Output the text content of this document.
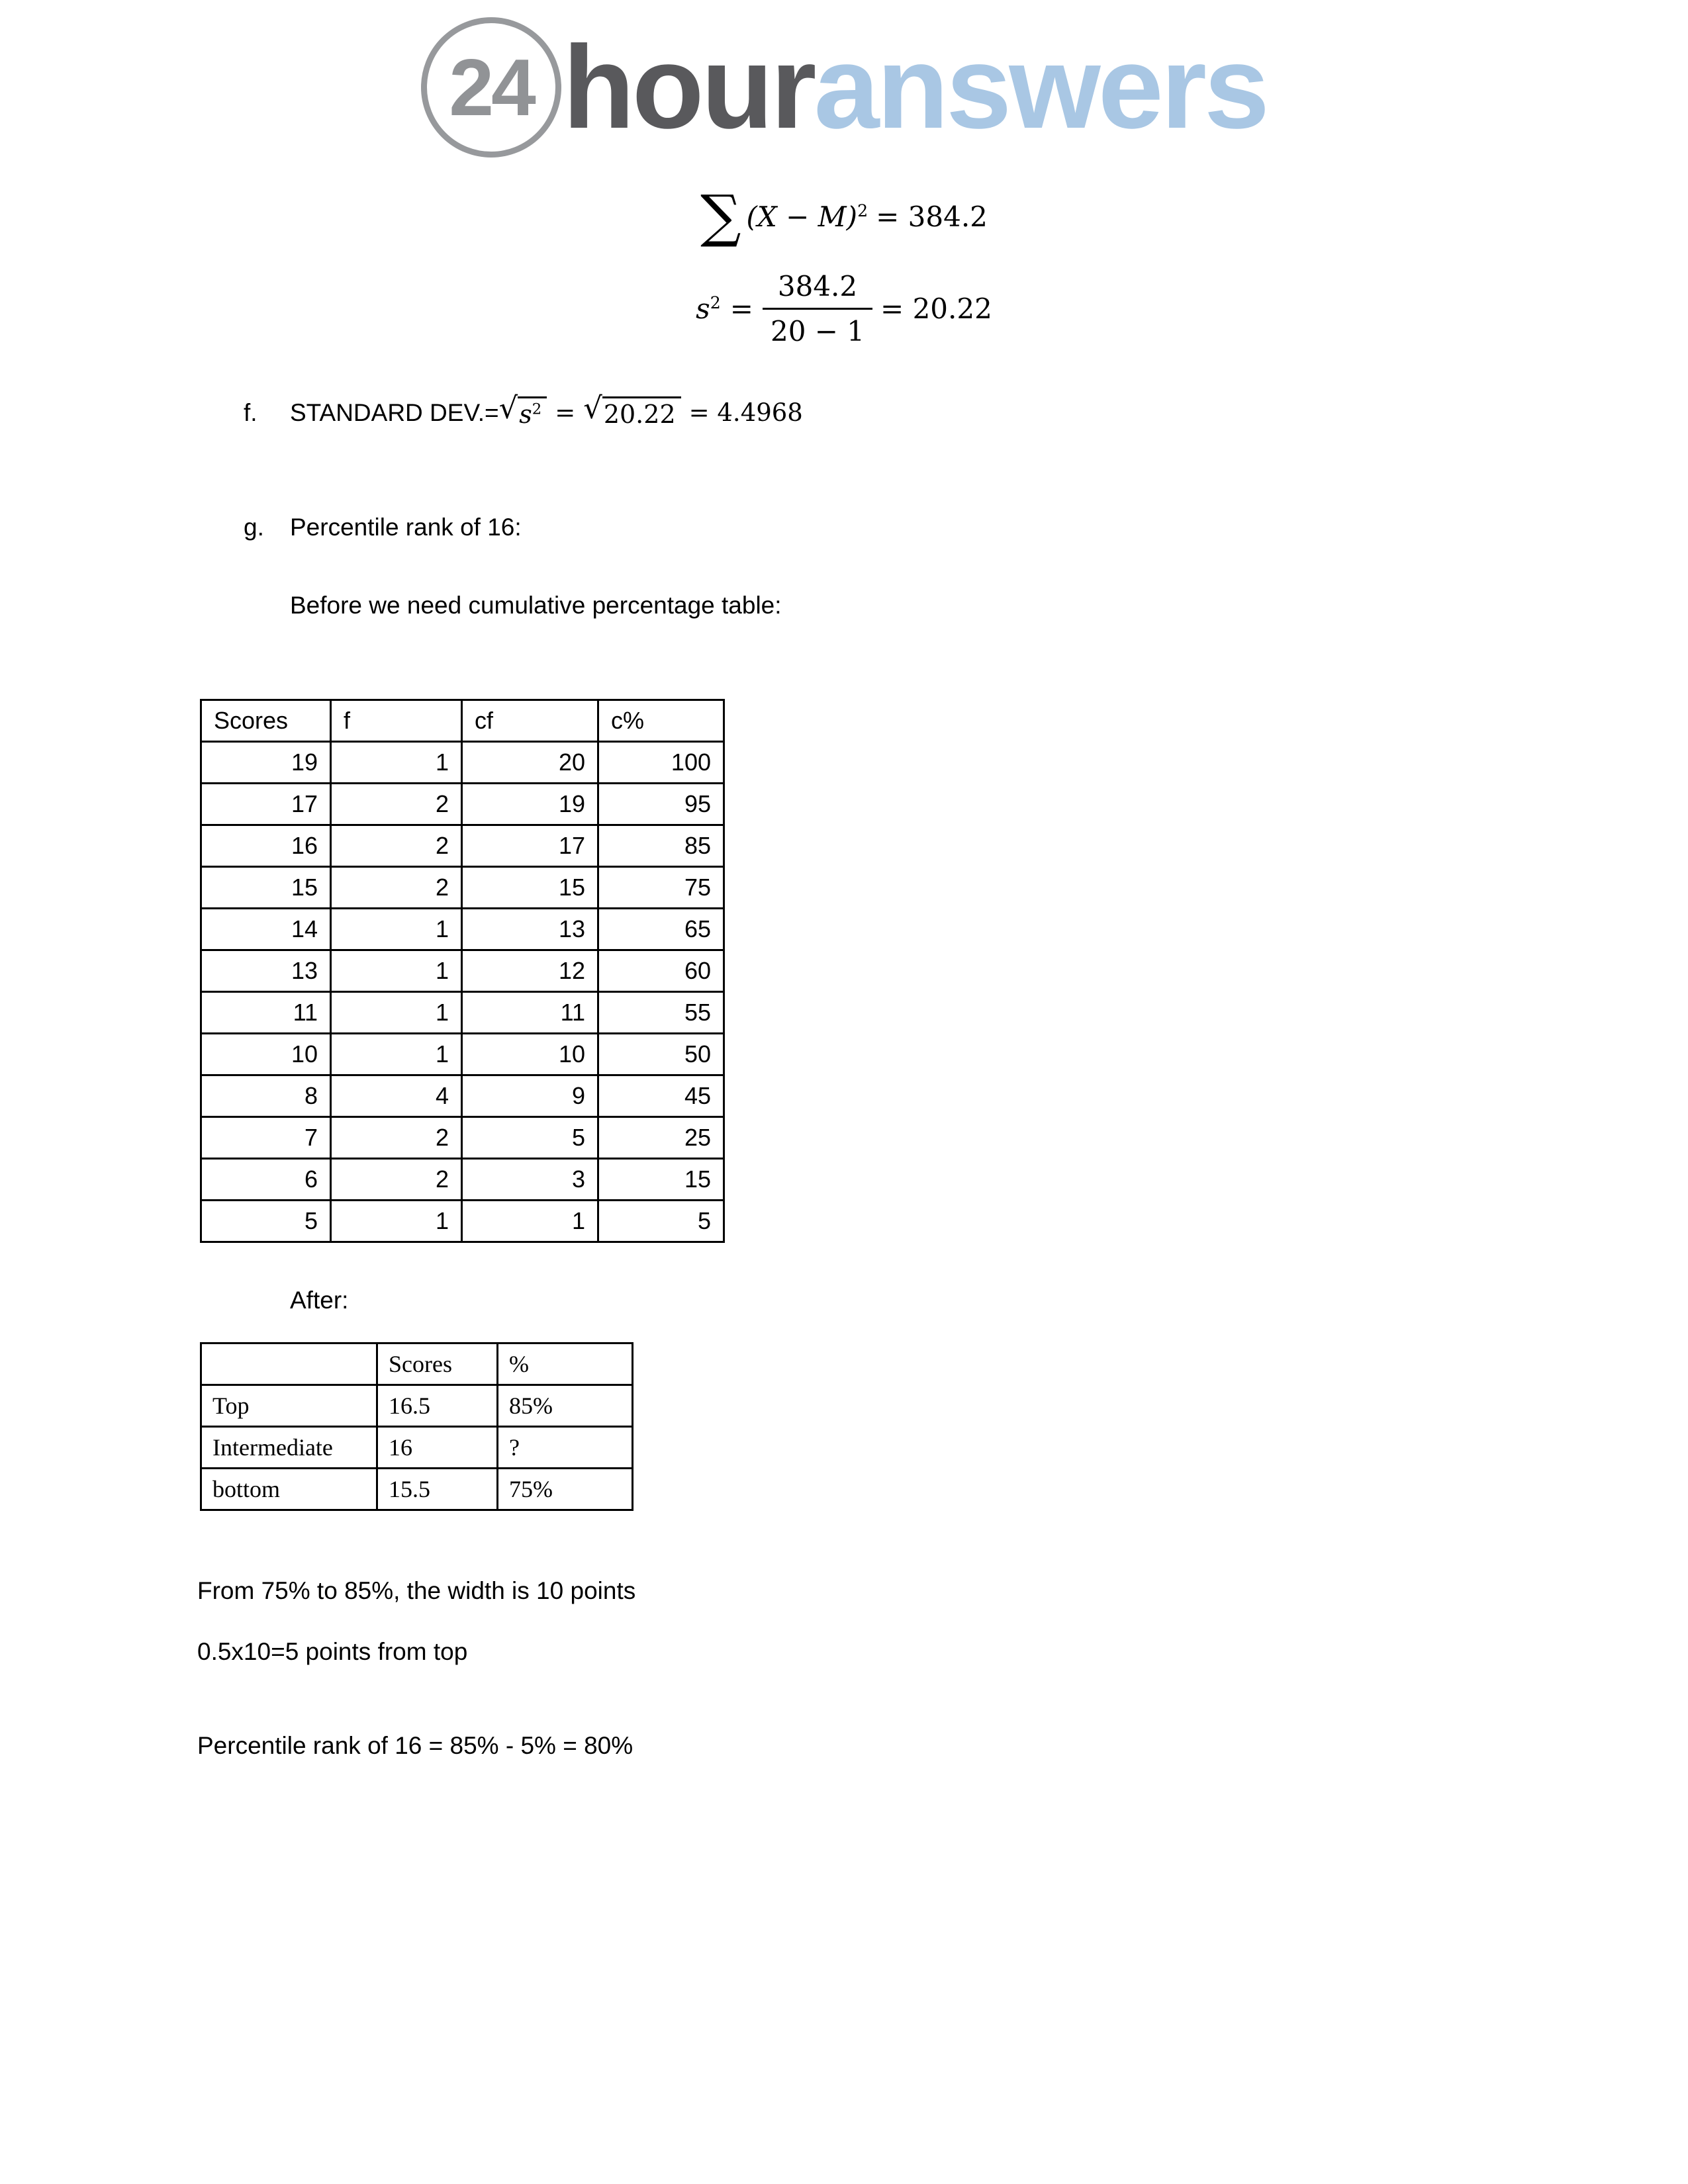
24 hour answers
∑ $(X - M)^2 = 384.2$
$s^2 = \frac{384.2}{20 - 1} = 20.22$
f.	STANDARD DEV.= √ $s^2$ = √ 20.22 = 4.4968
g.	Percentile rank of 16:
Before we need cumulative percentage table:
Scores	f	cf	c%
19	1	20	100
17	2	19	95
16	2	17	85
15	2	15	75
14	1	13	65
13	1	12	60
11	1	11	55
10	1	10	50
8	4	9	45
7	2	5	25
6	2	3	15
5	1	1	5
After:
	Scores	%
Top	16.5	85%
Intermediate	16	?
bottom	15.5	75%

From 75% to 85%, the width is 10 points

0.5x10=5 points from top

Percentile rank of 16 = 85% - 5% = 80%
